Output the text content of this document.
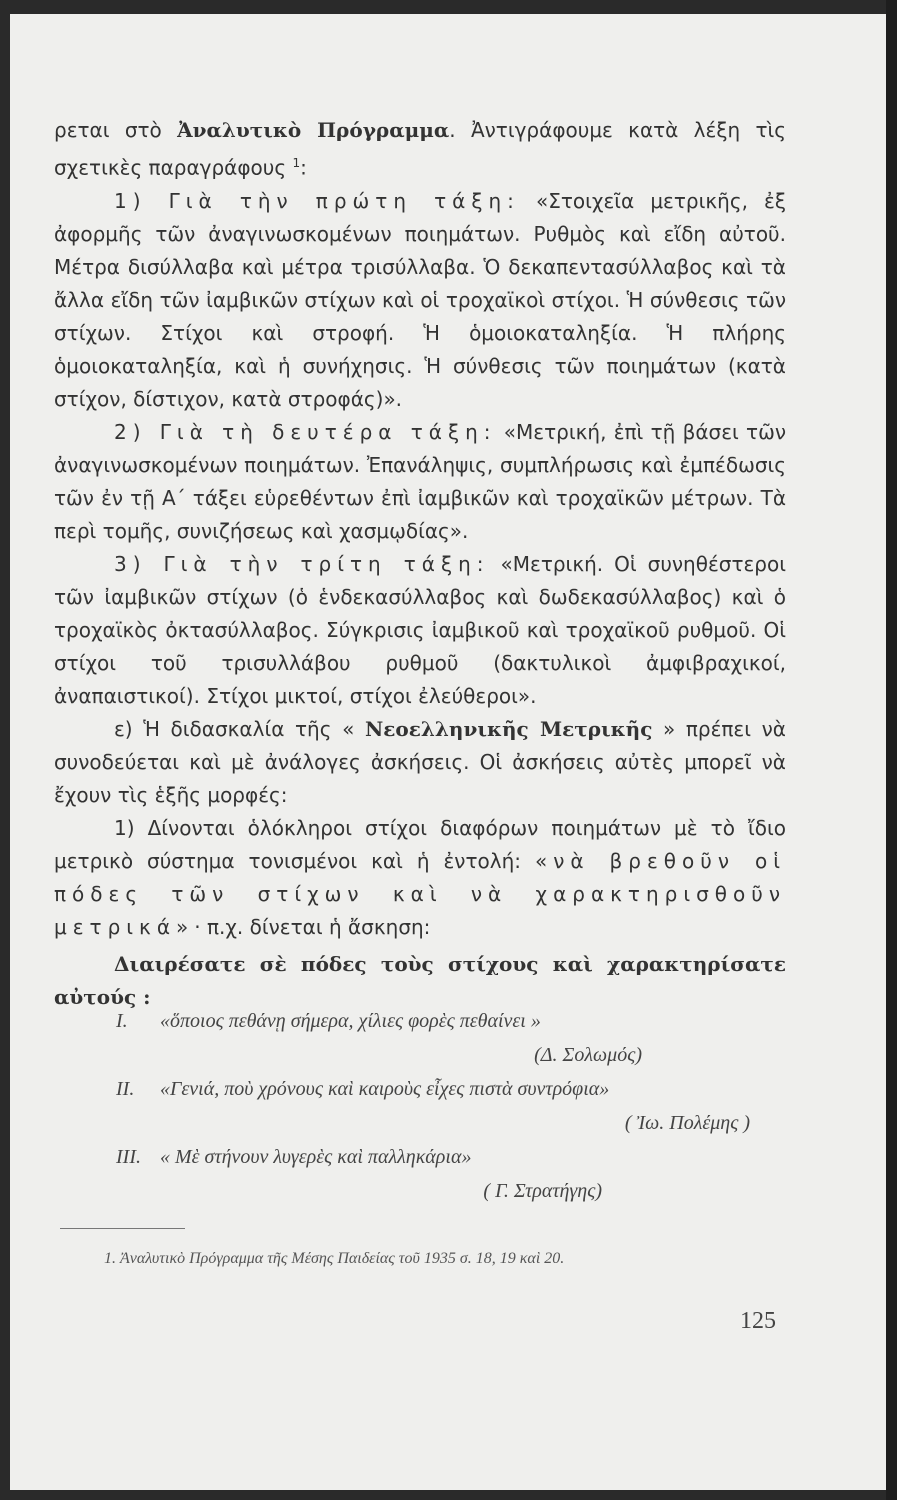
ρεται στὸ Ἀναλυτικὸ Πρόγραμμα. Ἀντιγράφουμε κατὰ λέξη τὶς σχετικὲς παραγράφους $^1$:

1) Γιὰ τὴν πρώτη τάξη: «Στοιχεῖα μετρικῆς, ἐξ ἀφορμῆς τῶν ἀναγινωσκομένων ποιημάτων. Ρυθμὸς καὶ εἴδη αὐτοῦ. Μέτρα δισύλλαβα καὶ μέτρα τρισύλλαβα. Ὁ δεκαπεντασύλλαβος καὶ τὰ ἄλλα εἴδη τῶν ἰαμβικῶν στίχων καὶ οἱ τροχαϊκοὶ στίχοι. Ἡ σύνθεσις τῶν στίχων. Στίχοι καὶ στροφή. Ἡ ὁμοιοκαταληξία. Ἡ πλήρης ὁμοιοκαταληξία, καὶ ἡ συνήχησις. Ἡ σύνθεσις τῶν ποιημάτων (κατὰ στίχον, δίστιχον, κατὰ στροφάς)».

2) Γιὰ τὴ δευτέρα τάξη: «Μετρική, ἐπὶ τῇ βάσει τῶν ἀναγινωσκομένων ποιημάτων. Ἐπανάληψις, συμπλήρωσις καὶ ἐμπέδωσις τῶν ἐν τῇ Α΄ τάξει εὑρεθέντων ἐπὶ ἰαμβικῶν καὶ τροχαϊκῶν μέτρων. Τὰ περὶ τομῆς, συνιζήσεως καὶ χασμῳδίας».

3) Γιὰ τὴν τρίτη τάξη: «Μετρική. Οἱ συνηθέστεροι τῶν ἰαμβικῶν στίχων (ὁ ἑνδεκασύλλαβος καὶ δωδεκασύλλαβος) καὶ ὁ τροχαϊκὸς ὀκτασύλλαβος. Σύγκρισις ἰαμβικοῦ καὶ τροχαϊκοῦ ρυθμοῦ. Οἱ στίχοι τοῦ τρισυλλάβου ρυθμοῦ (δακτυλικοὶ ἀμφιβραχικοί, ἀναπαιστικοί). Στίχοι μικτοί, στίχοι ἐλεύθεροι».

ε) Ἡ διδασκαλία τῆς « Νεοελληνικῆς Μετρικῆς » πρέπει νὰ συνοδεύεται καὶ μὲ ἀνάλογες ἀσκήσεις. Οἱ ἀσκήσεις αὐτὲς μπορεῖ νὰ ἔχουν τὶς ἑξῆς μορφές:

1) Δίνονται ὁλόκληροι στίχοι διαφόρων ποιημάτων μὲ τὸ ἴδιο μετρικὸ σύστημα τονισμένοι καὶ ἡ ἐντολή: «νὰ βρεθοῦν οἱ πόδες τῶν στίχων καὶ νὰ χαρακτηρισθοῦν μετρικά»· π.χ. δίνεται ἡ ἄσκηση:

Διαιρέσατε σὲ πόδες τοὺς στίχους καὶ χαρακτηρίσατε αὐτούς :

Ι. «ὅποιος πεθάνῃ σήμερα, χίλιες φορὲς πεθαίνει »
(Δ. Σολωμός)
ΙΙ. «Γενιά, ποὺ χρόνους καὶ καιροὺς εἶχες πιστὰ συντρόφια»
( Ἰω. Πολέμης )
ΙΙΙ. « Μὲ στήνουν λυγερὲς καὶ παλληκάρια»
( Γ. Στρατήγης)
1. Ἀναλυτικὸ Πρόγραμμα τῆς Μέσης Παιδείας τοῦ 1935 σ. 18, 19 καὶ 20.
125
